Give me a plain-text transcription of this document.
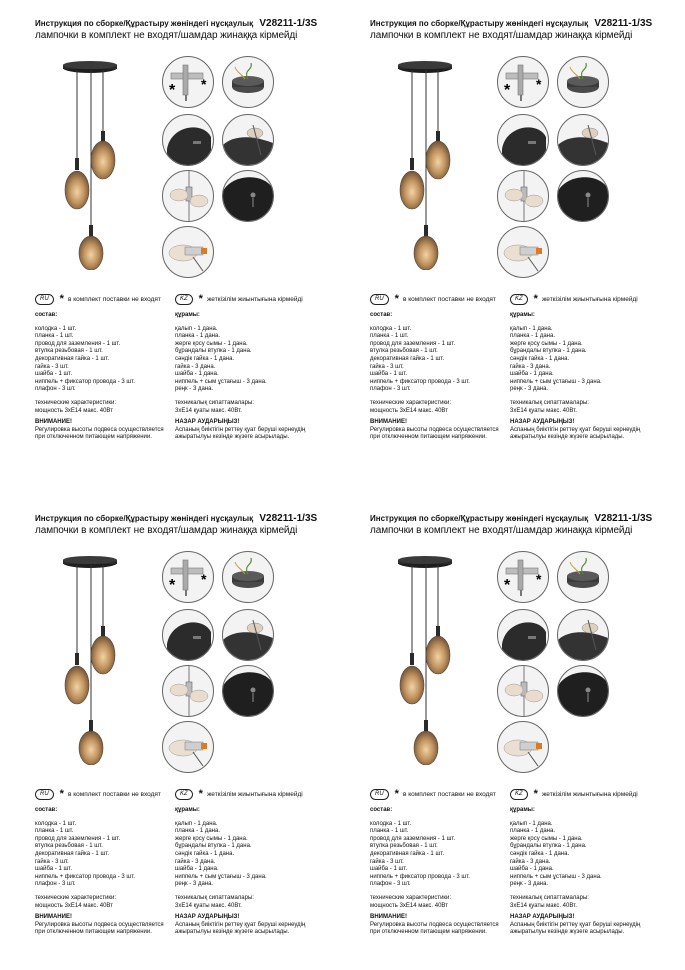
Инструкция по сборке/Құрастыру жөніндегі нұсқаулық V28211-1/3S
лампочки в комплект не входят/шамдар жинаққа кірмейді
* *
RU	* в комплект поставки не входят	KZ	* жеткізілім жиынтығына кірмейді
состав:
колодка - 1 шт.
планка - 1 шт.
провод для заземления - 1 шт.
втулка резьбовая - 1 шт.
декоративная гайка - 1 шт.
гайка - 3 шт.
шайба - 1 шт.
ниппель + фиксатор провода - 3 шт.
плафон - 3 шт.
технические характеристики:
мощность 3xE14 макс. 40Вт
ВНИМАНИЕ!
Регулировка высоты подвеса осуществляется
при отключенном питающем напряжении.
құрамы:
қалып - 1 дана.
планка - 1 дана.
жерге қосу сымы - 1 дана.
бұрандалы втулка - 1 дана.
сәндік гайка - 1 дана.
гайка - 3 дана.
шайба - 1 дана.
ниппель + сым ұстағыш - 3 дана.
реңк - 3 дана.
техникалық сипаттамалары:
3xE14 қуаты макс. 40Вт.
НАЗАР АУДАРЫҢЫЗ!
Аспаның биіктігін реттеу қуат беруші кернеудің
ажыратылуы кезінде жүзеге асырылады.
Инструкция по сборке/Құрастыру жөніндегі нұсқаулық V28211-1/3S
лампочки в комплект не входят/шамдар жинаққа кірмейді
* *
RU	* в комплект поставки не входят	KZ	* жеткізілім жиынтығына кірмейді
состав:
колодка - 1 шт.
планка - 1 шт.
провод для заземления - 1 шт.
втулка резьбовая - 1 шт.
декоративная гайка - 1 шт.
гайка - 3 шт.
шайба - 1 шт.
ниппель + фиксатор провода - 3 шт.
плафон - 3 шт.
технические характеристики:
мощность 3xE14 макс. 40Вт
ВНИМАНИЕ!
Регулировка высоты подвеса осуществляется
при отключенном питающем напряжении.
құрамы:
қалып - 1 дана.
планка - 1 дана.
жерге қосу сымы - 1 дана.
бұрандалы втулка - 1 дана.
сәндік гайка - 1 дана.
гайка - 3 дана.
шайба - 1 дана.
ниппель + сым ұстағыш - 3 дана.
реңк - 3 дана.
техникалық сипаттамалары:
3xE14 қуаты макс. 40Вт.
НАЗАР АУДАРЫҢЫЗ!
Аспаның биіктігін реттеу қуат беруші кернеудің
ажыратылуы кезінде жүзеге асырылады.
Инструкция по сборке/Құрастыру жөніндегі нұсқаулық V28211-1/3S
лампочки в комплект не входят/шамдар жинаққа кірмейді
* *
RU	* в комплект поставки не входят	KZ	* жеткізілім жиынтығына кірмейді
состав:
колодка - 1 шт.
планка - 1 шт.
провод для заземления - 1 шт.
втулка резьбовая - 1 шт.
декоративная гайка - 1 шт.
гайка - 3 шт.
шайба - 1 шт.
ниппель + фиксатор провода - 3 шт.
плафон - 3 шт.
технические характеристики:
мощность 3xE14 макс. 40Вт
ВНИМАНИЕ!
Регулировка высоты подвеса осуществляется
при отключенном питающем напряжении.
құрамы:
қалып - 1 дана.
планка - 1 дана.
жерге қосу сымы - 1 дана.
бұрандалы втулка - 1 дана.
сәндік гайка - 1 дана.
гайка - 3 дана.
шайба - 1 дана.
ниппель + сым ұстағыш - 3 дана.
реңк - 3 дана.
техникалық сипаттамалары:
3xE14 қуаты макс. 40Вт.
НАЗАР АУДАРЫҢЫЗ!
Аспаның биіктігін реттеу қуат беруші кернеудің
ажыратылуы кезінде жүзеге асырылады.
Инструкция по сборке/Құрастыру жөніндегі нұсқаулық V28211-1/3S
лампочки в комплект не входят/шамдар жинаққа кірмейді
* *
RU	* в комплект поставки не входят	KZ	* жеткізілім жиынтығына кірмейді
состав:
колодка - 1 шт.
планка - 1 шт.
провод для заземления - 1 шт.
втулка резьбовая - 1 шт.
декоративная гайка - 1 шт.
гайка - 3 шт.
шайба - 1 шт.
ниппель + фиксатор провода - 3 шт.
плафон - 3 шт.
технические характеристики:
мощность 3xE14 макс. 40Вт
ВНИМАНИЕ!
Регулировка высоты подвеса осуществляется
при отключенном питающем напряжении.
құрамы:
қалып - 1 дана.
планка - 1 дана.
жерге қосу сымы - 1 дана.
бұрандалы втулка - 1 дана.
сәндік гайка - 1 дана.
гайка - 3 дана.
шайба - 1 дана.
ниппель + сым ұстағыш - 3 дана.
реңк - 3 дана.
техникалық сипаттамалары:
3xE14 қуаты макс. 40Вт.
НАЗАР АУДАРЫҢЫЗ!
Аспаның биіктігін реттеу қуат беруші кернеудің
ажыратылуы кезінде жүзеге асырылады.
